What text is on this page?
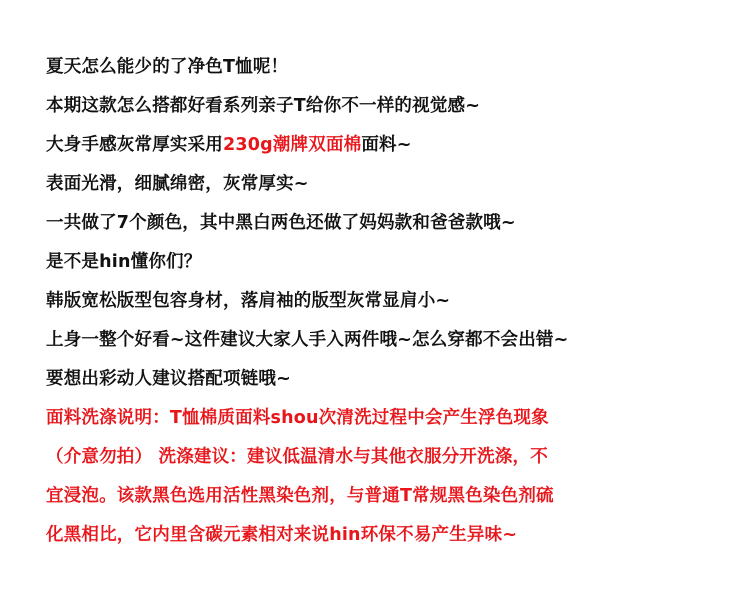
夏天怎么能少的了净色T恤呢！
本期这款怎么搭都好看系列亲子T给你不一样的视觉感~
大身手感灰常厚实采用230g潮牌双面棉面料~
表面光滑，细腻绵密，灰常厚实~
一共做了7个颜色，其中黑白两色还做了妈妈款和爸爸款哦~
是不是hin懂你们？
韩版宽松版型包容身材，落肩袖的版型灰常显肩小~
上身一整个好看~这件建议大家人手入两件哦~怎么穿都不会出错~
要想出彩动人建议搭配项链哦~
面料洗涤说明：T恤棉质面料shou次清洗过程中会产生浮色现象
（介意勿拍） 洗涤建议：建议低温清水与其他衣服分开洗涤，不
宜浸泡。该款黑色选用活性黑染色剂，与普通T常规黑色染色剂硫
化黑相比，它内里含碳元素相对来说hin环保不易产生异味~
